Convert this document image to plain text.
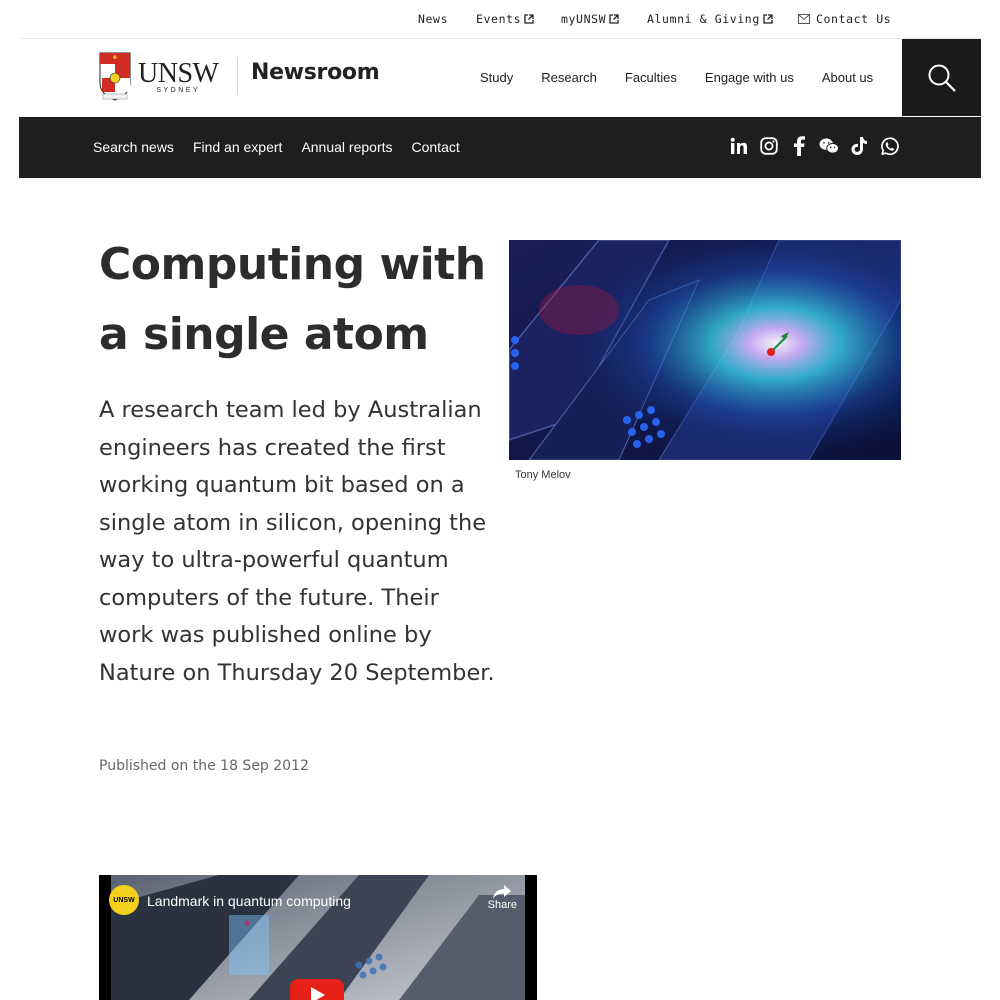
News Events	myUNSW	Alumni & Giving	Contact Us
UNSW
SYDNEY
Newsroom	Study Research Faculties Engage with us About us
Search news Find an expert Annual reports Contact
Computing with a single atom

A research team led by Australian engineers has created the first working quantum bit based on a single atom in silicon, opening the way to ultra-powerful quantum computers of the future. Their work was published online by Nature on Thursday 20 September.

Published on the 18 Sep 2012

Tony Melov

UNSW Landmark in quantum computing	Share
